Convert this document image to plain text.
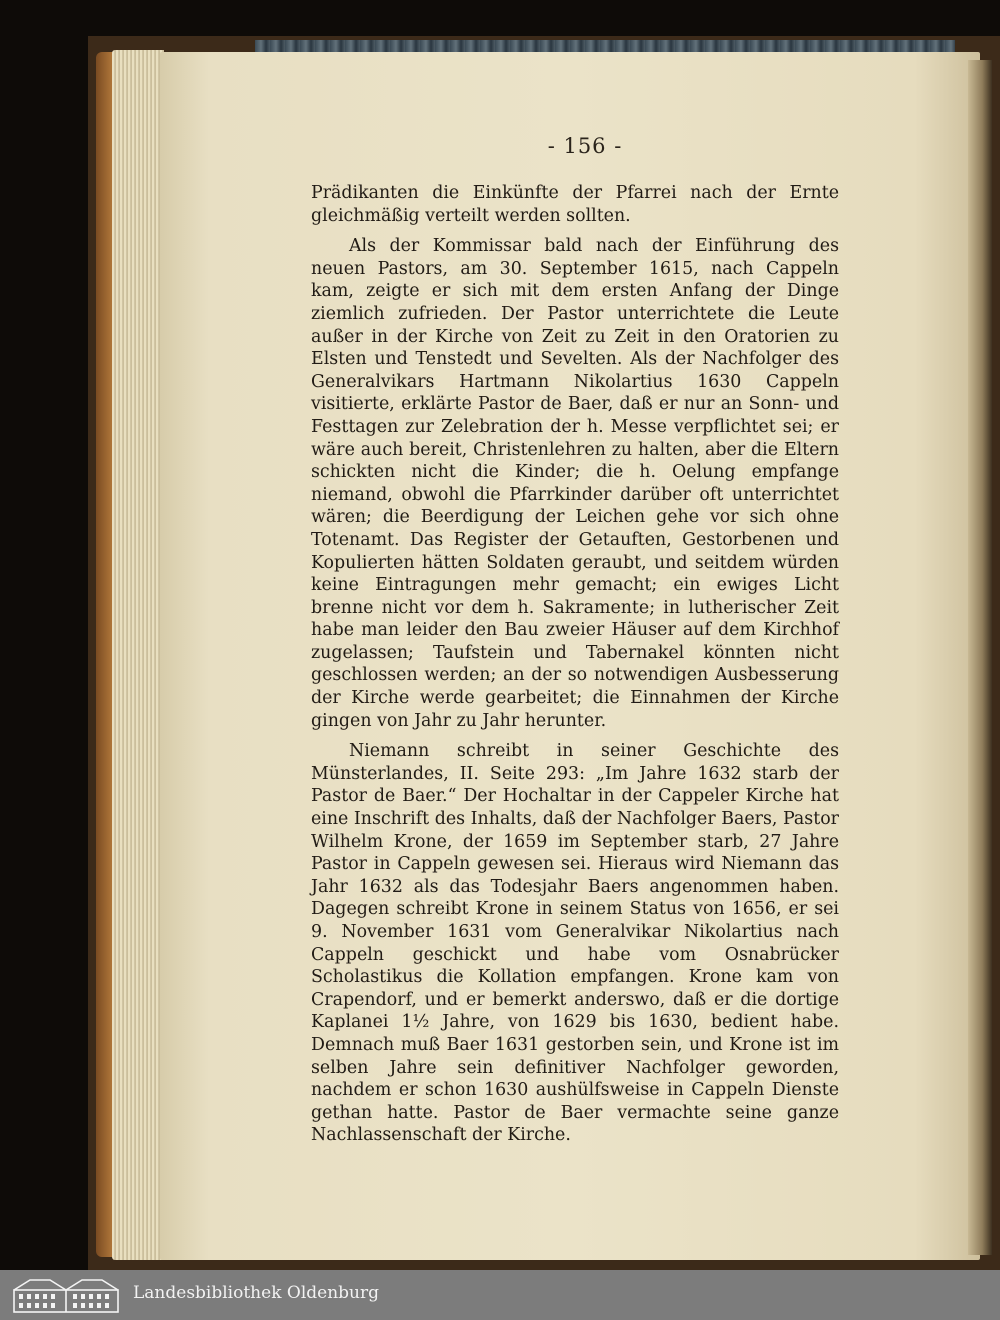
- 156 -

Prädikanten die Einkünfte der Pfarrei nach der Ernte gleichmäßig verteilt werden sollten.

Als der Kommissar bald nach der Einführung des neuen Pastors, am 30. September 1615, nach Cappeln kam, zeigte er sich mit dem ersten Anfang der Dinge ziemlich zufrieden. Der Pastor unterrichtete die Leute außer in der Kirche von Zeit zu Zeit in den Oratorien zu Elsten und Tenstedt und Sevelten. Als der Nachfolger des Generalvikars Hartmann Nikolartius 1630 Cappeln visitierte, erklärte Pastor de Baer, daß er nur an Sonn- und Festtagen zur Zelebration der h. Messe verpflichtet sei; er wäre auch bereit, Christenlehren zu halten, aber die Eltern schickten nicht die Kinder; die h. Oelung empfange niemand, obwohl die Pfarrkinder darüber oft unterrichtet wären; die Beerdigung der Leichen gehe vor sich ohne Totenamt. Das Register der Getauften, Gestorbenen und Kopulierten hätten Soldaten geraubt, und seitdem würden keine Eintragungen mehr gemacht; ein ewiges Licht brenne nicht vor dem h. Sakramente; in lutherischer Zeit habe man leider den Bau zweier Häuser auf dem Kirchhof zugelassen; Taufstein und Tabernakel könnten nicht geschlossen werden; an der so notwendigen Ausbesserung der Kirche werde gearbeitet; die Einnahmen der Kirche gingen von Jahr zu Jahr herunter.

Niemann schreibt in seiner Geschichte des Münsterlandes, II. Seite 293: „Im Jahre 1632 starb der Pastor de Baer.“ Der Hochaltar in der Cappeler Kirche hat eine Inschrift des Inhalts, daß der Nachfolger Baers, Pastor Wilhelm Krone, der 1659 im September starb, 27 Jahre Pastor in Cappeln gewesen sei. Hieraus wird Niemann das Jahr 1632 als das Todesjahr Baers angenommen haben. Dagegen schreibt Krone in seinem Status von 1656, er sei 9. November 1631 vom Generalvikar Nikolartius nach Cappeln geschickt und habe vom Osnabrücker Scholastikus die Kollation empfangen. Krone kam von Crapendorf, und er bemerkt anderswo, daß er die dortige Kaplanei 1½ Jahre, von 1629 bis 1630, bedient habe. Demnach muß Baer 1631 gestorben sein, und Krone ist im selben Jahre sein definitiver Nachfolger geworden, nachdem er schon 1630 aushülfsweise in Cappeln Dienste gethan hatte. Pastor de Baer vermachte seine ganze Nachlassenschaft der Kirche.

Landesbibliothek Oldenburg
